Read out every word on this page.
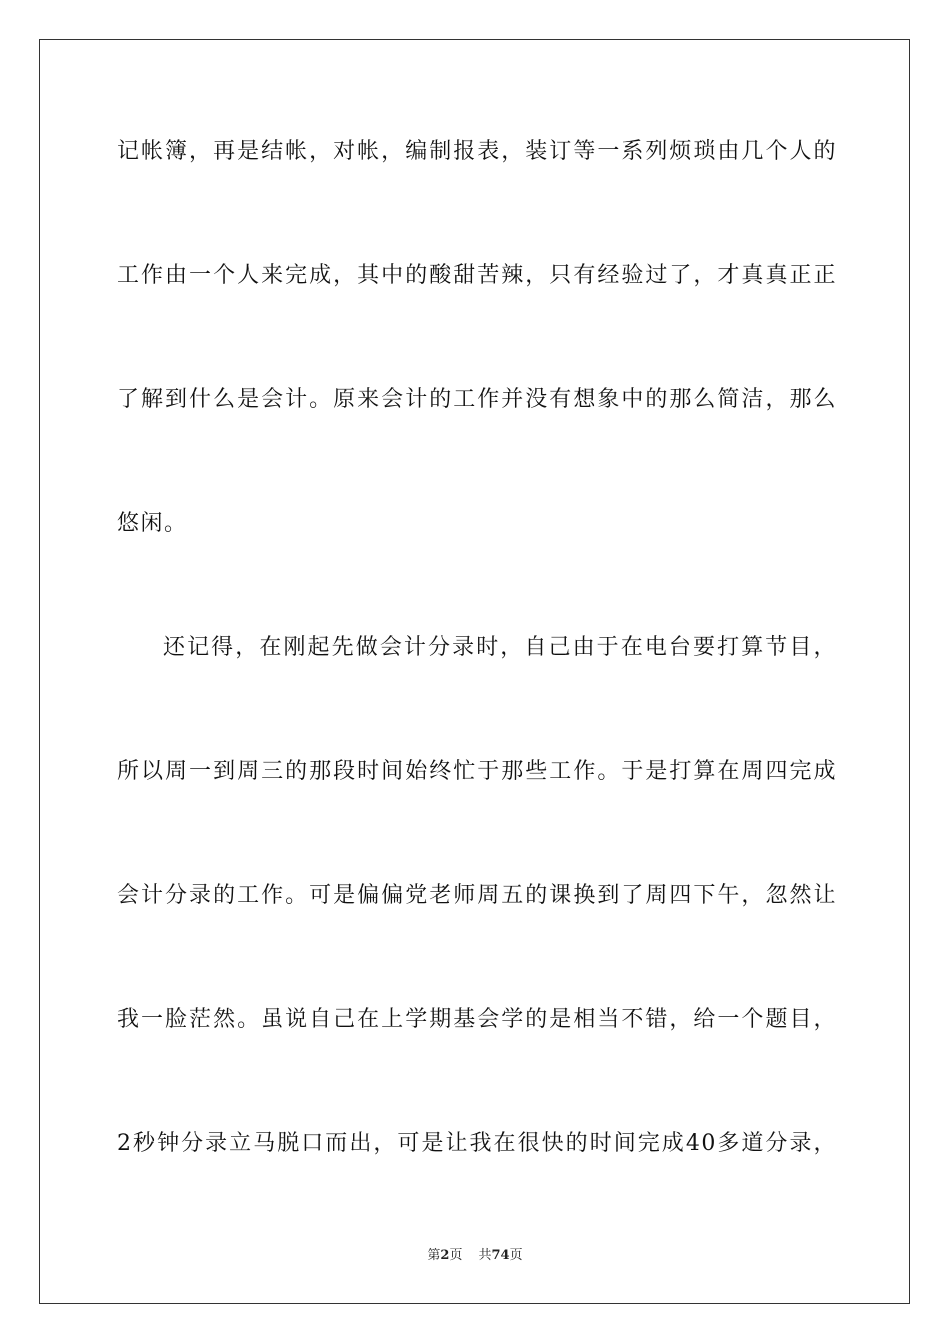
记帐簿，再是结帐，对帐，编制报表，装订等一系列烦琐由几个人的
工作由一个人来完成，其中的酸甜苦辣，只有经验过了，才真真正正
了解到什么是会计。原来会计的工作并没有想象中的那么简洁，那么
悠闲。
还记得，在刚起先做会计分录时，自己由于在电台要打算节目，
所以周一到周三的那段时间始终忙于那些工作。于是打算在周四完成
会计分录的工作。可是偏偏党老师周五的课换到了周四下午，忽然让
我一脸茫然。虽说自己在上学期基会学的是相当不错，给一个题目，
2秒钟分录立马脱口而出，可是让我在很快的时间完成40多道分录，
第2页 共74页
